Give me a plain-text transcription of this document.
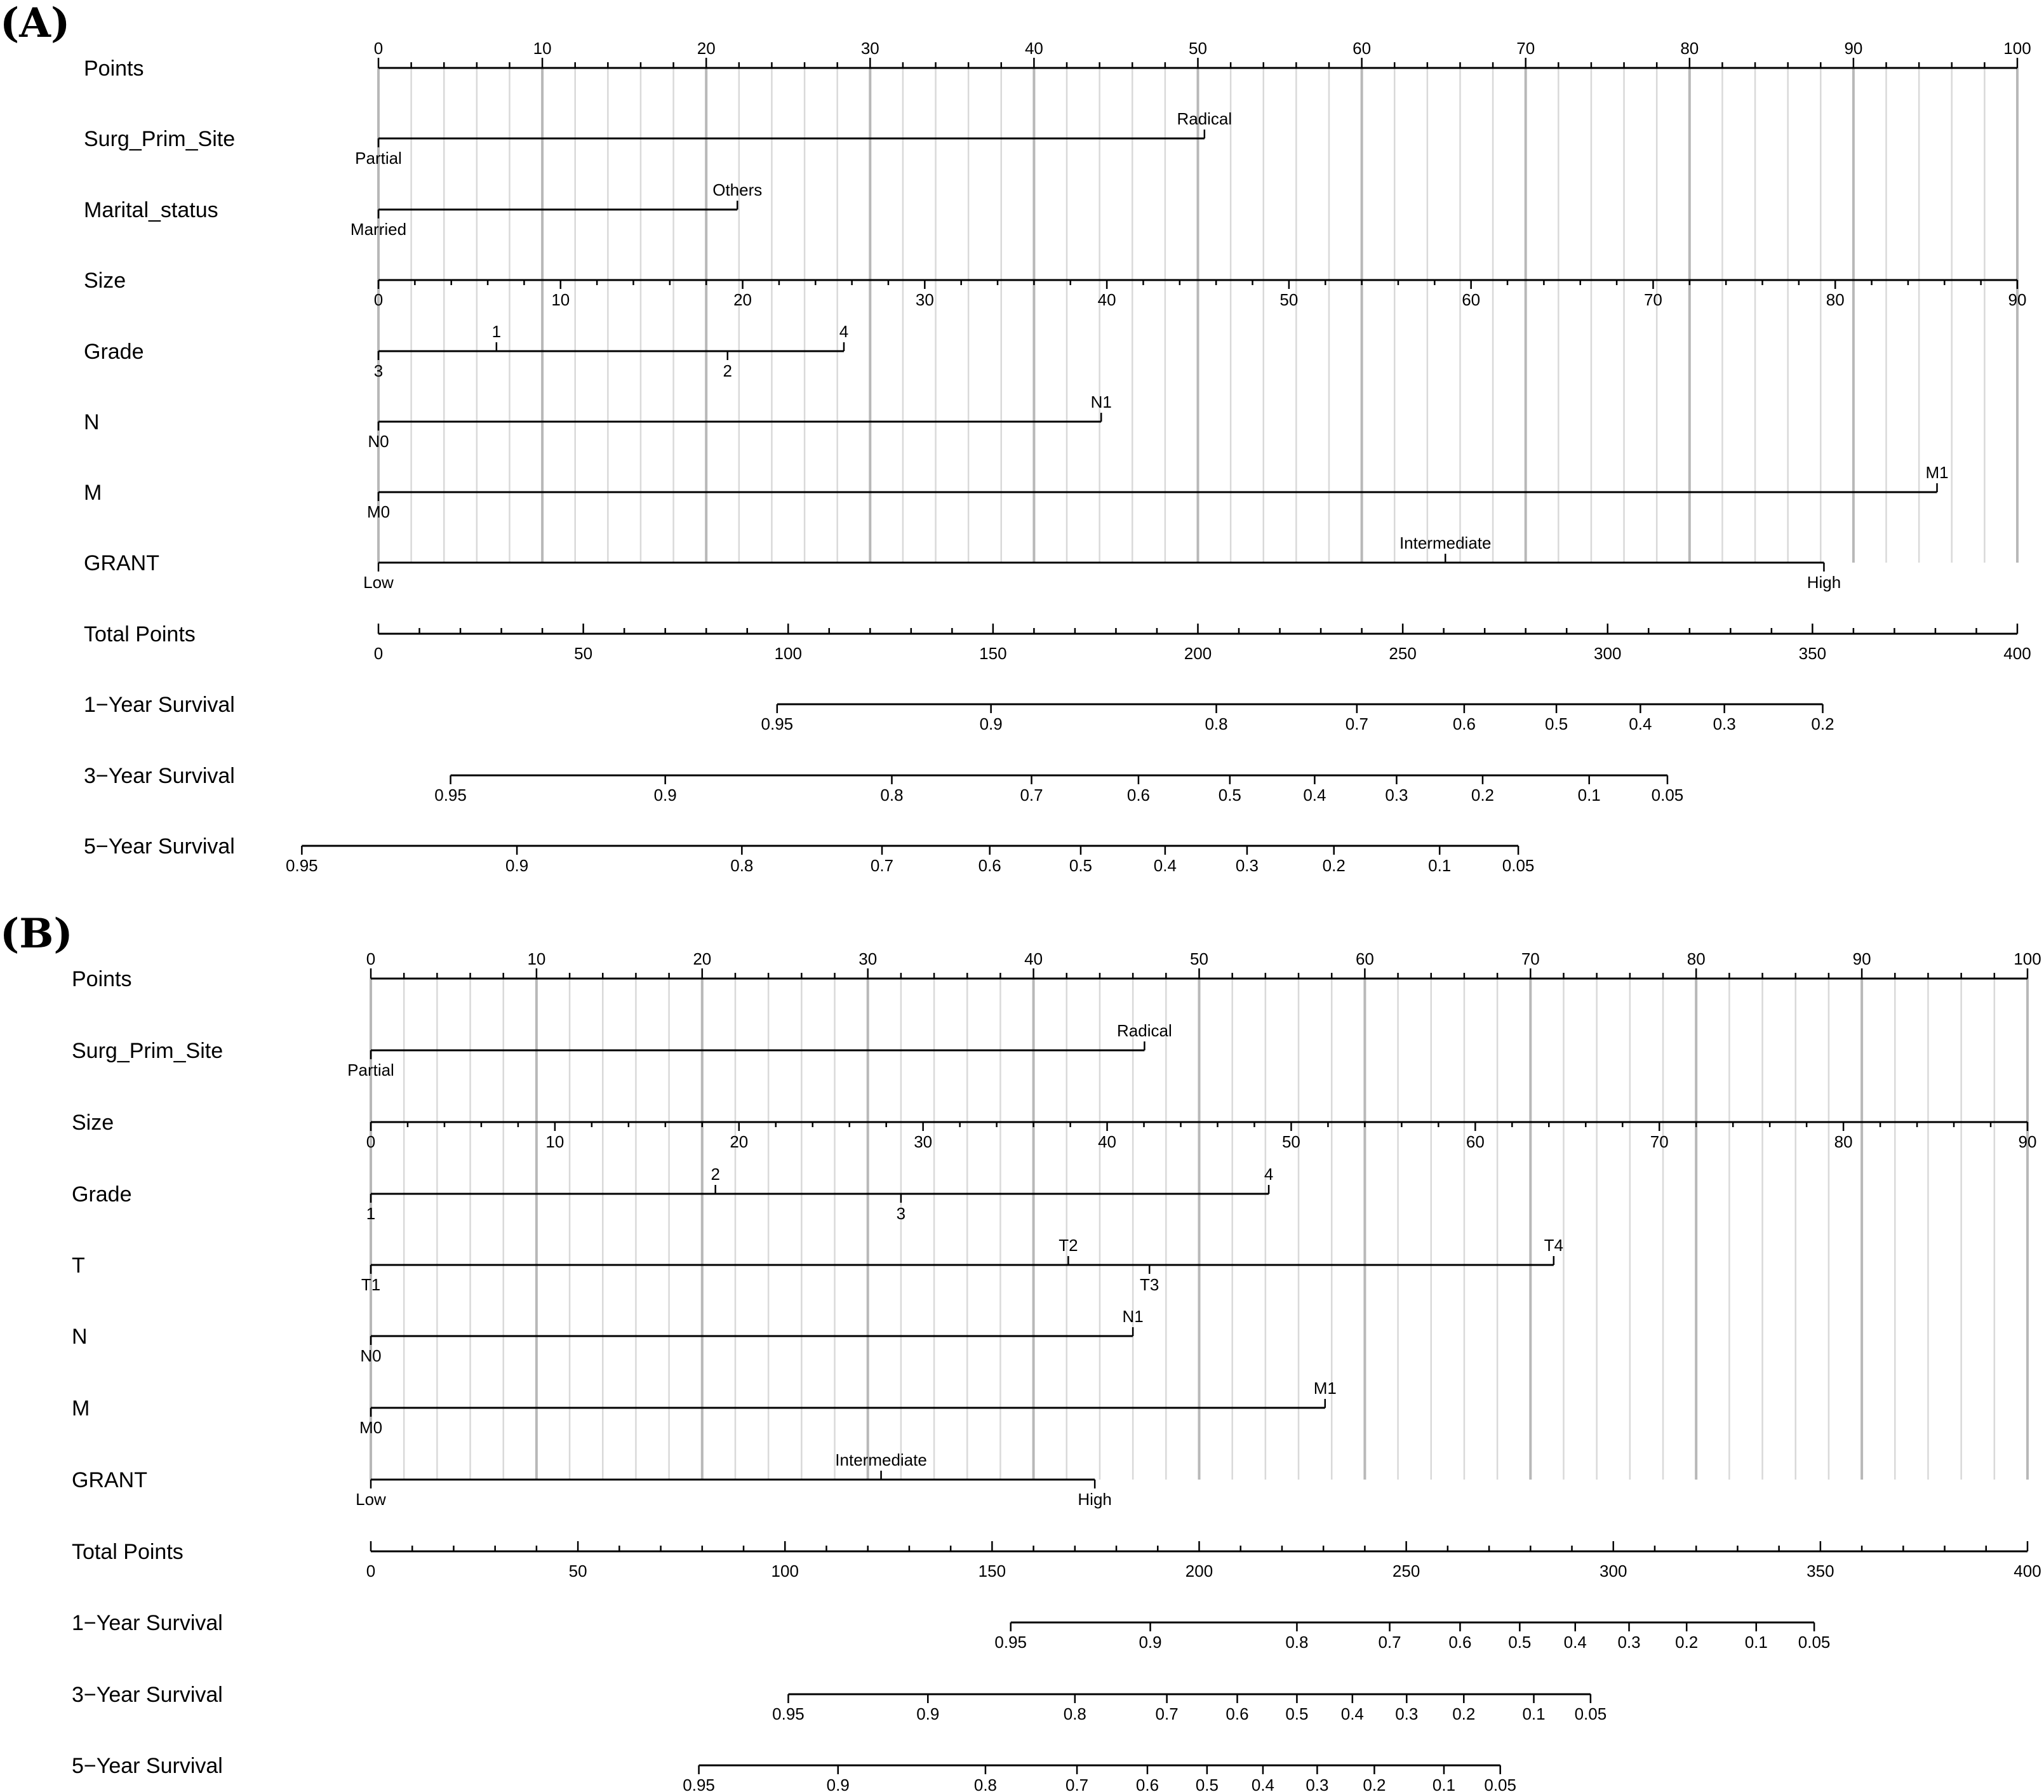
(A)
Points
0	10	20	30	40	50	60	70	80	90	100
Surg_Prim_Site
Partial
Radical
Marital_status
Married
Others
Size
0	10	20	30	40	50	60	70	80	90
Grade
3
1
2
4
N
N0
N1
M
M0
M1
GRANT
Low
Intermediate
High
Total Points
0	50	100	150	200	250	300	350	400
1−Year Survival
0.95	0.9	0.8	0.7	0.6	0.5	0.4	0.3	0.2
3−Year Survival
0.95	0.9	0.8	0.7	0.6	0.5	0.4	0.3	0.2	0.1	0.05
5−Year Survival
0.95	0.9	0.8	0.7	0.6	0.5	0.4	0.3	0.2	0.1	0.05
(B)
Points
0	10	20	30	40	50	60	70	80	90	100
Surg_Prim_Site
Partial
Radical
Size
0	10	20	30	40	50	60	70	80	90
Grade
1
2
3
4
T
T1
T2
T3
T4
N
N0
N1
M
M0
M1
GRANT
Low
Intermediate
High
Total Points
0	50	100	150	200	250	300	350	400
1−Year Survival
0.95	0.9	0.8	0.7	0.6 0.5 0.4 0.3 0.2	0.1 0.05
3−Year Survival
0.95	0.9	0.8	0.7	0.6 0.5 0.4 0.3 0.2	0.1 0.05
5−Year Survival
0.95	0.9	0.8	0.7	0.6 0.5 0.4 0.3 0.2	0.1 0.05
